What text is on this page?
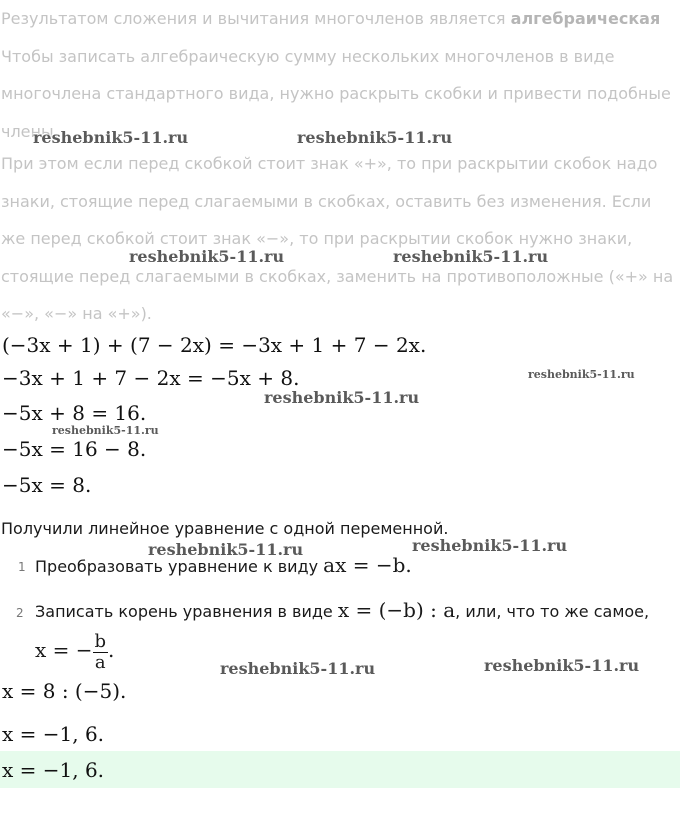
Результатом сложения и вычитания многочленов является алгебраическая
Чтобы записать алгебраическую сумму нескольких многочленов в виде многочлена стандартного вида, нужно раскрыть скобки и привести подобные члены.

При этом если перед скобкой стоит знак «+», то при раскрытии скобок надо знаки, стоящие перед слагаемыми в скобках, оставить без изменения. Если же перед скобкой стоит знак «−», то при раскрытии скобок нужно знаки, стоящие перед слагаемыми в скобках, заменить на противоположные («+» на «−», «−» на «+»).

(−3x + 1) + (7 − 2x) = −3x + 1 + 7 − 2x.
−3x + 1 + 7 − 2x = −5x + 8.
−5x + 8 = 16.
−5x = 16 − 8.
−5x = 8.
Получили линейное уравнение с одной переменной.
1 Преобразовать уравнение к виду ax = −b.
2 Записать корень уравнения в виде x = (−b) : a, или, что то же самое,
x = − $\frac{b}{a}$ .
x = 8 : (−5).
x = −1, 6.
x = −1, 6.
reshebnik5-11.ru	reshebnik5-11.ru
reshebnik5-11.ru	reshebnik5-11.ru
reshebnik5-11.ru
reshebnik5-11.ru
reshebnik5-11.ru
reshebnik5-11.ru	reshebnik5-11.ru
reshebnik5-11.ru	reshebnik5-11.ru
